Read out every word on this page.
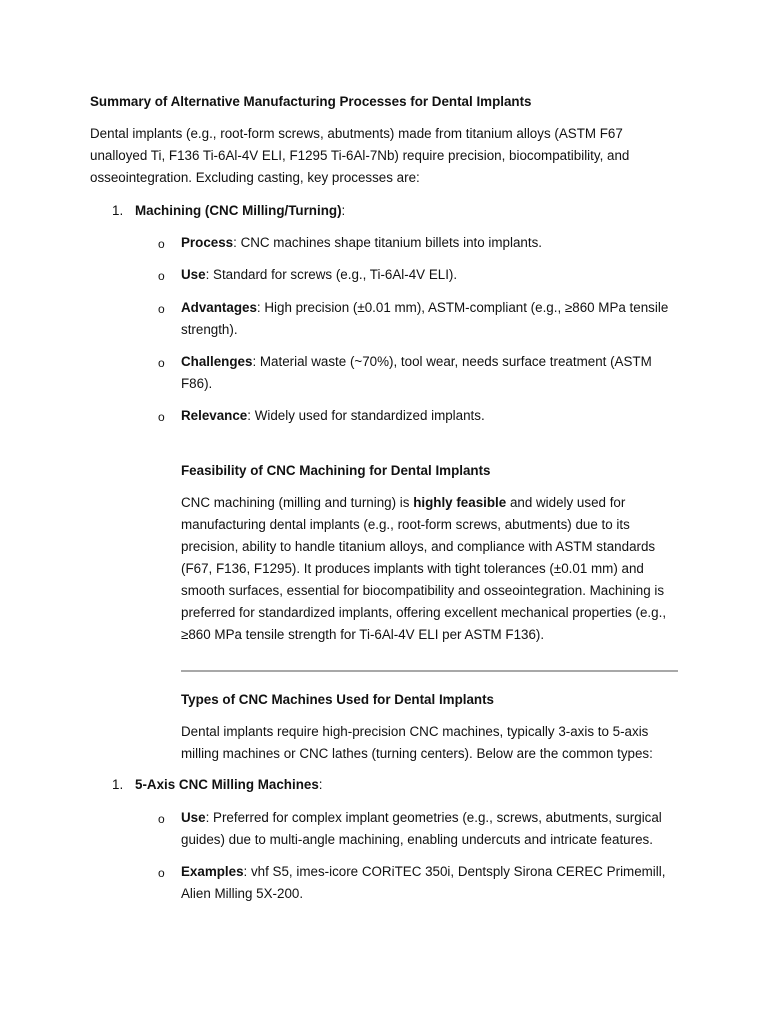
Summary of Alternative Manufacturing Processes for Dental Implants

Dental implants (e.g., root-form screws, abutments) made from titanium alloys (ASTM F67 unalloyed Ti, F136 Ti-6Al-4V ELI, F1295 Ti-6Al-7Nb) require precision, biocompatibility, and osseointegration. Excluding casting, key processes are:

1. Machining (CNC Milling/Turning):
o Process: CNC machines shape titanium billets into implants.

o Use: Standard for screws (e.g., Ti-6Al-4V ELI).

o Advantages: High precision (±0.01 mm), ASTM-compliant (e.g., ≥860 MPa tensile strength).

o Challenges: Material waste (~70%), tool wear, needs surface treatment (ASTM F86).

o Relevance: Widely used for standardized implants.

Feasibility of CNC Machining for Dental Implants

CNC machining (milling and turning) is highly feasible and widely used for manufacturing dental implants (e.g., root-form screws, abutments) due to its precision, ability to handle titanium alloys, and compliance with ASTM standards (F67, F136, F1295). It produces implants with tight tolerances (±0.01 mm) and smooth surfaces, essential for biocompatibility and osseointegration. Machining is preferred for standardized implants, offering excellent mechanical properties (e.g., ≥860 MPa tensile strength for Ti-6Al-4V ELI per ASTM F136).

Types of CNC Machines Used for Dental Implants

Dental implants require high-precision CNC machines, typically 3-axis to 5-axis milling machines or CNC lathes (turning centers). Below are the common types:

1. 5-Axis CNC Milling Machines:
o Use: Preferred for complex implant geometries (e.g., screws, abutments, surgical guides) due to multi-angle machining, enabling undercuts and intricate features.

o Examples: vhf S5, imes-icore CORiTEC 350i, Dentsply Sirona CEREC Primemill, Alien Milling 5X-200.
